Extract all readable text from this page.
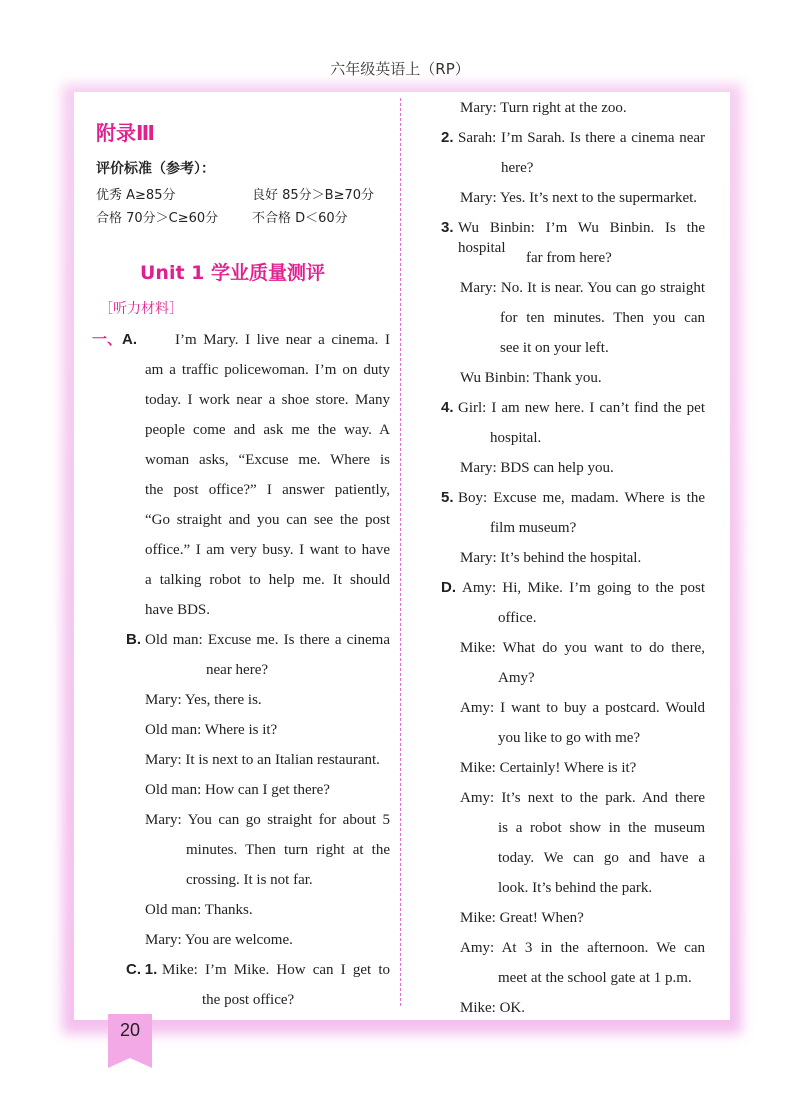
六年级英语上（RP）
20
附录Ⅲ
评价标准（参考）：
优秀 A≥85分	良好 85分＞B≥70分
合格 70分＞C≥60分	不合格 D＜60分
Unit 1 学业质量测评
［听力材料］
一、A.	I’m Mary. I live near a cinema. I
am a traffic policewoman. I’m on duty
today. I work near a shoe store. Many
people come and ask me the way. A
woman asks, “Excuse me. Where is
the post office?” I answer patiently,
“Go straight and you can see the post
office.” I am very busy. I want to have
a talking robot to help me. It should
have BDS.
B. Old man: Excuse me. Is there a cinema
near here?
Mary: Yes, there is.
Old man: Where is it?
Mary: It is next to an Italian restaurant.
Old man: How can I get there?
Mary: You can go straight for about 5
minutes. Then turn right at the
crossing. It is not far.
Old man: Thanks.
Mary: You are welcome.
C. 1. Mike: I’m Mike. How can I get to
the post office?
Mary: Turn right at the zoo.
2. Sarah: I’m Sarah. Is there a cinema near
here?
Mary: Yes. It’s next to the supermarket.
3. Wu Binbin: I’m Wu Binbin. Is the hospital
far from here?
Mary: No. It is near. You can go straight
for ten minutes. Then you can
see it on your left.
Wu Binbin: Thank you.
4. Girl: I am new here. I can’t find the pet
hospital.
Mary: BDS can help you.
5. Boy: Excuse me, madam. Where is the
film museum?
Mary: It’s behind the hospital.
D. Amy: Hi, Mike. I’m going to the post
office.
Mike: What do you want to do there,
Amy?
Amy: I want to buy a postcard. Would
you like to go with me?
Mike: Certainly! Where is it?
Amy: It’s next to the park. And there
is a robot show in the museum
today. We can go and have a
look. It’s behind the park.
Mike: Great! When?
Amy: At 3 in the afternoon. We can
meet at the school gate at 1 p.m.
Mike: OK.
